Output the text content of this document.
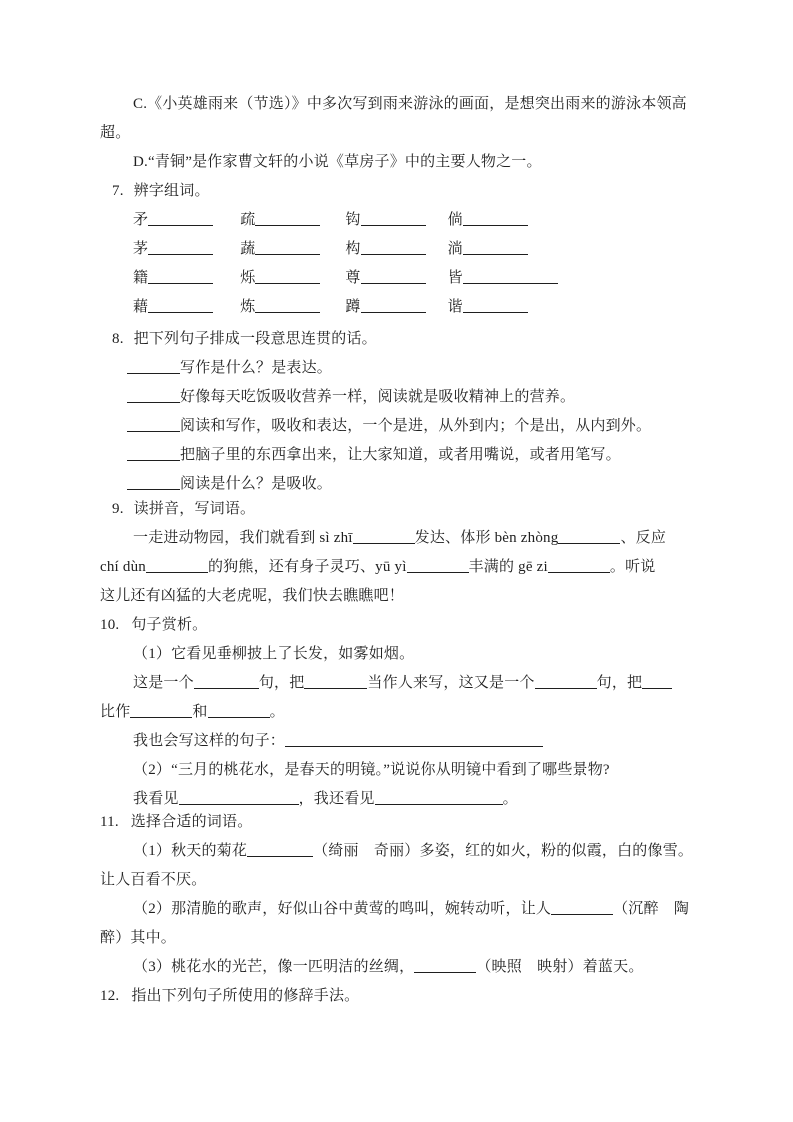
C.《小英雄雨来（节选）》中多次写到雨来游泳的画面，是想突出雨来的游泳本领高
超。
D.“青铜”是作家曹文轩的小说《草房子》中的主要人物之一。
7. 辨字组词。
矛	疏	钩	倘
茅	蔬	构	淌
籍	烁	尊	皆
藉	炼	蹲	谐
8. 把下列句子排成一段意思连贯的话。
写作是什么？是表达。
好像每天吃饭吸收营养一样，阅读就是吸收精神上的营养。
阅读和写作，吸收和表达，一个是进，从外到内；个是出，从内到外。
把脑子里的东西拿出来，让大家知道，或者用嘴说，或者用笔写。
阅读是什么？是吸收。
9. 读拼音，写词语。
一走进动物园，我们就看到 sì zhī	发达、体形 bèn zhòng	、反应
chí dùn	的狗熊，还有身子灵巧、yū yì	丰满的 gē zi	。听说
这儿还有凶猛的大老虎呢，我们快去瞧瞧吧！
10. 句子赏析。
（1）它看见垂柳披上了长发，如雾如烟。
这是一个	句，把	当作人来写，这又是一个	句，把
比作	和	。
我也会写这样的句子：
（2）“三月的桃花水，是春天的明镜。”说说你从明镜中看到了哪些景物?
我看见	，我还看见	。
11. 选择合适的词语。
（1）秋天的菊花	（绮丽　奇丽）多姿，红的如火，粉的似霞，白的像雪。
让人百看不厌。
（2）那清脆的歌声，好似山谷中黄莺的鸣叫，婉转动听，让人	（沉醉　陶
醉）其中。
（3）桃花水的光芒，像一匹明洁的丝绸，	（映照　映射）着蓝天。
12. 指出下列句子所使用的修辞手法。
